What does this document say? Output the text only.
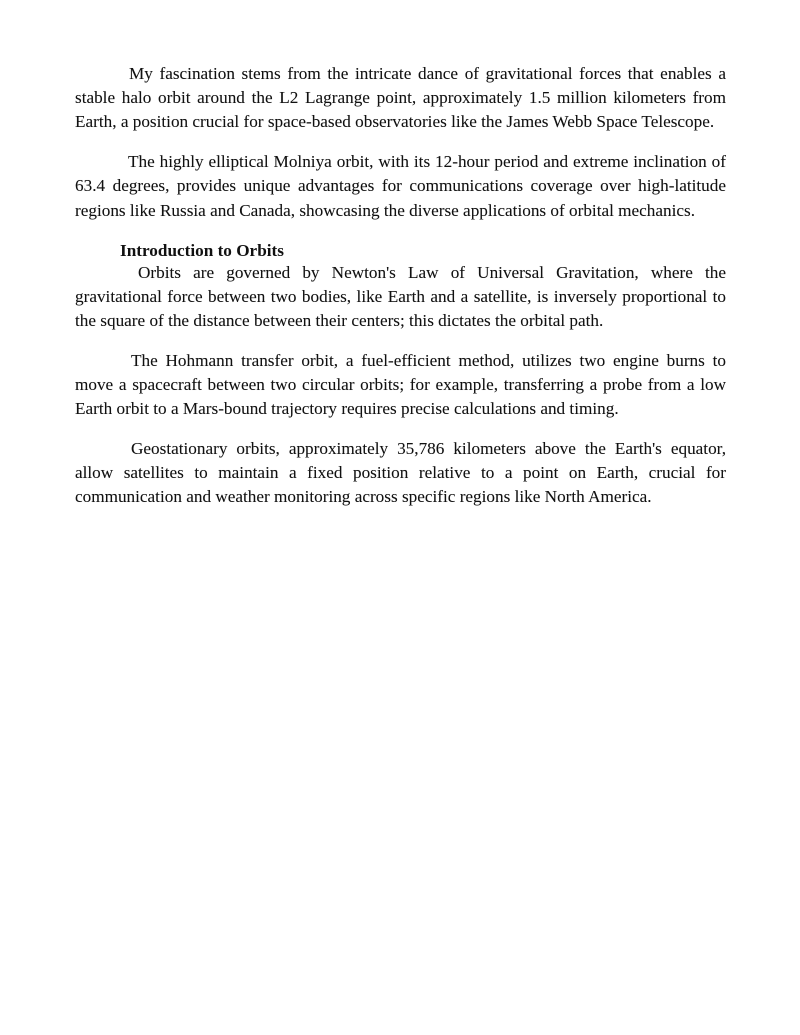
My fascination stems from the intricate dance of gravitational forces that enables a stable halo orbit around the L2 Lagrange point, approximately 1.5 million kilometers from Earth, a position crucial for space-based observatories like the James Webb Space Telescope.

The highly elliptical Molniya orbit, with its 12-hour period and extreme inclination of 63.4 degrees, provides unique advantages for communications coverage over high-latitude regions like Russia and Canada, showcasing the diverse applications of orbital mechanics.

Introduction to Orbits

Orbits are governed by Newton's Law of Universal Gravitation, where the gravitational force between two bodies, like Earth and a satellite, is inversely proportional to the square of the distance between their centers; this dictates the orbital path.

The Hohmann transfer orbit, a fuel-efficient method, utilizes two engine burns to move a spacecraft between two circular orbits; for example, transferring a probe from a low Earth orbit to a Mars-bound trajectory requires precise calculations and timing.

Geostationary orbits, approximately 35,786 kilometers above the Earth's equator, allow satellites to maintain a fixed position relative to a point on Earth, crucial for communication and weather monitoring across specific regions like North America.
